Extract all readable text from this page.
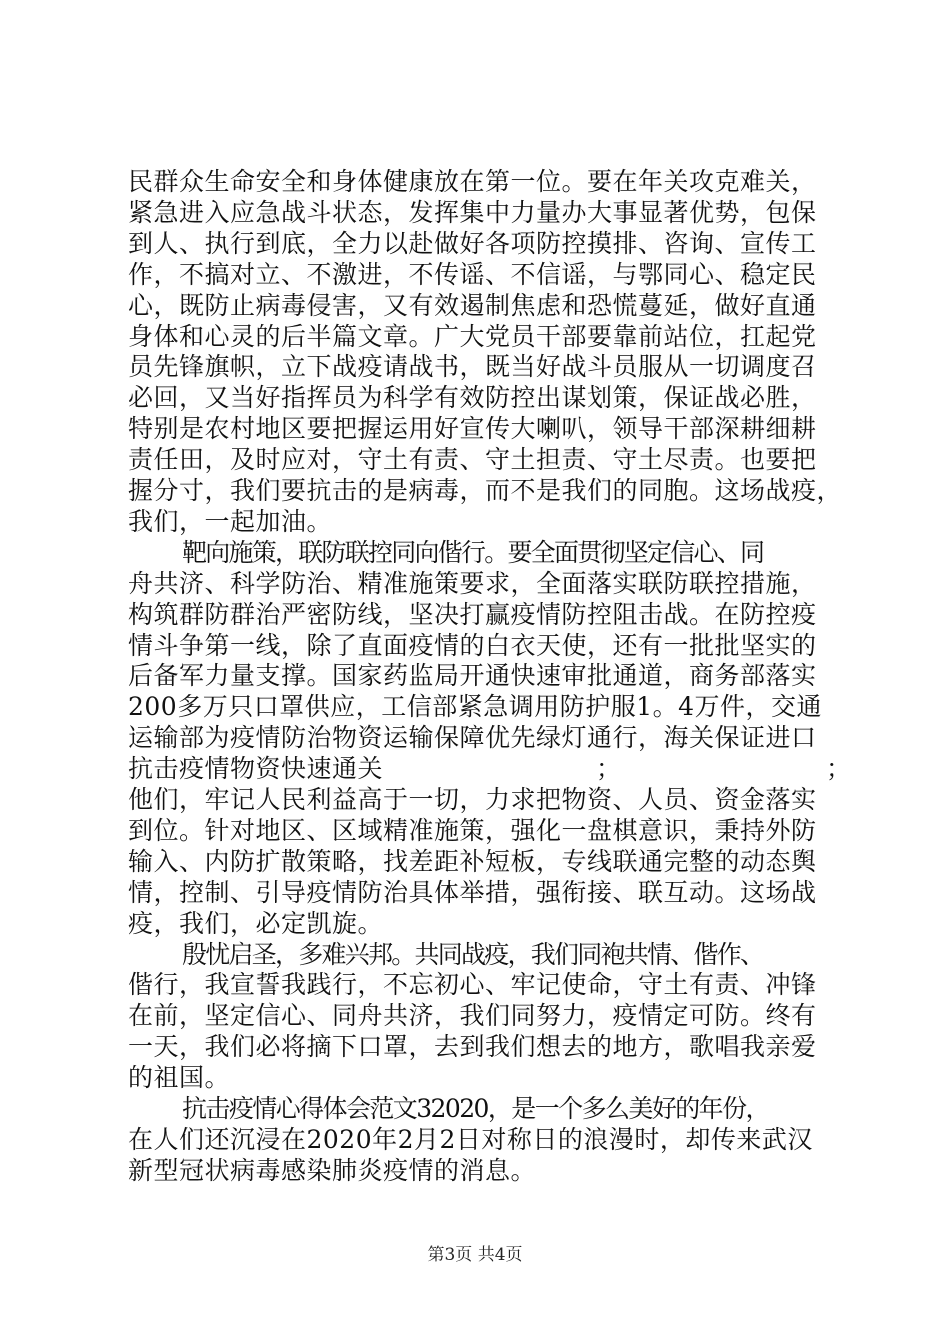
民群众生命安全和身体健康放在第一位。要在年关攻克难关，
紧急进入应急战斗状态，发挥集中力量办大事显著优势，包保
到人、执行到底，全力以赴做好各项防控摸排、咨询、宣传工
作，不搞对立、不激进，不传谣、不信谣，与鄂同心、稳定民
心，既防止病毒侵害，又有效遏制焦虑和恐慌蔓延，做好直通
身体和心灵的后半篇文章。广大党员干部要靠前站位，扛起党
员先锋旗帜，立下战疫请战书，既当好战斗员服从一切调度召
必回，又当好指挥员为科学有效防控出谋划策，保证战必胜，
特别是农村地区要把握运用好宣传大喇叭，领导干部深耕细耕
责任田，及时应对，守土有责、守土担责、守土尽责。也要把
握分寸，我们要抗击的是病毒，而不是我们的同胞。这场战疫，
我们，一起加油。
靶向施策，联防联控同向偕行。要全面贯彻坚定信心、同
舟共济、科学防治、精准施策要求，全面落实联防联控措施，
构筑群防群治严密防线，坚决打赢疫情防控阻击战。在防控疫
情斗争第一线，除了直面疫情的白衣天使，还有一批批坚实的
后备军力量支撑。国家药监局开通快速审批通道，商务部落实
200多万只口罩供应，工信部紧急调用防护服1。4万件，交通
运输部为疫情防治物资运输保障优先绿灯通行，海关保证进口
抗击疫情物资快速通关	；	；
他们，牢记人民利益高于一切，力求把物资、人员、资金落实
到位。针对地区、区域精准施策，强化一盘棋意识，秉持外防
输入、内防扩散策略，找差距补短板，专线联通完整的动态舆
情，控制、引导疫情防治具体举措，强衔接、联互动。这场战
疫，我们，必定凯旋。
殷忧启圣，多难兴邦。共同战疫，我们同袍共情、偕作、
偕行，我宣誓我践行，不忘初心、牢记使命，守土有责、冲锋
在前，坚定信心、同舟共济，我们同努力，疫情定可防。终有
一天，我们必将摘下口罩，去到我们想去的地方，歌唱我亲爱
的祖国。
抗击疫情心得体会范文32020，是一个多么美好的年份，
在人们还沉浸在2020年2月2日对称日的浪漫时，却传来武汉
新型冠状病毒感染肺炎疫情的消息。
第3页 共4页
